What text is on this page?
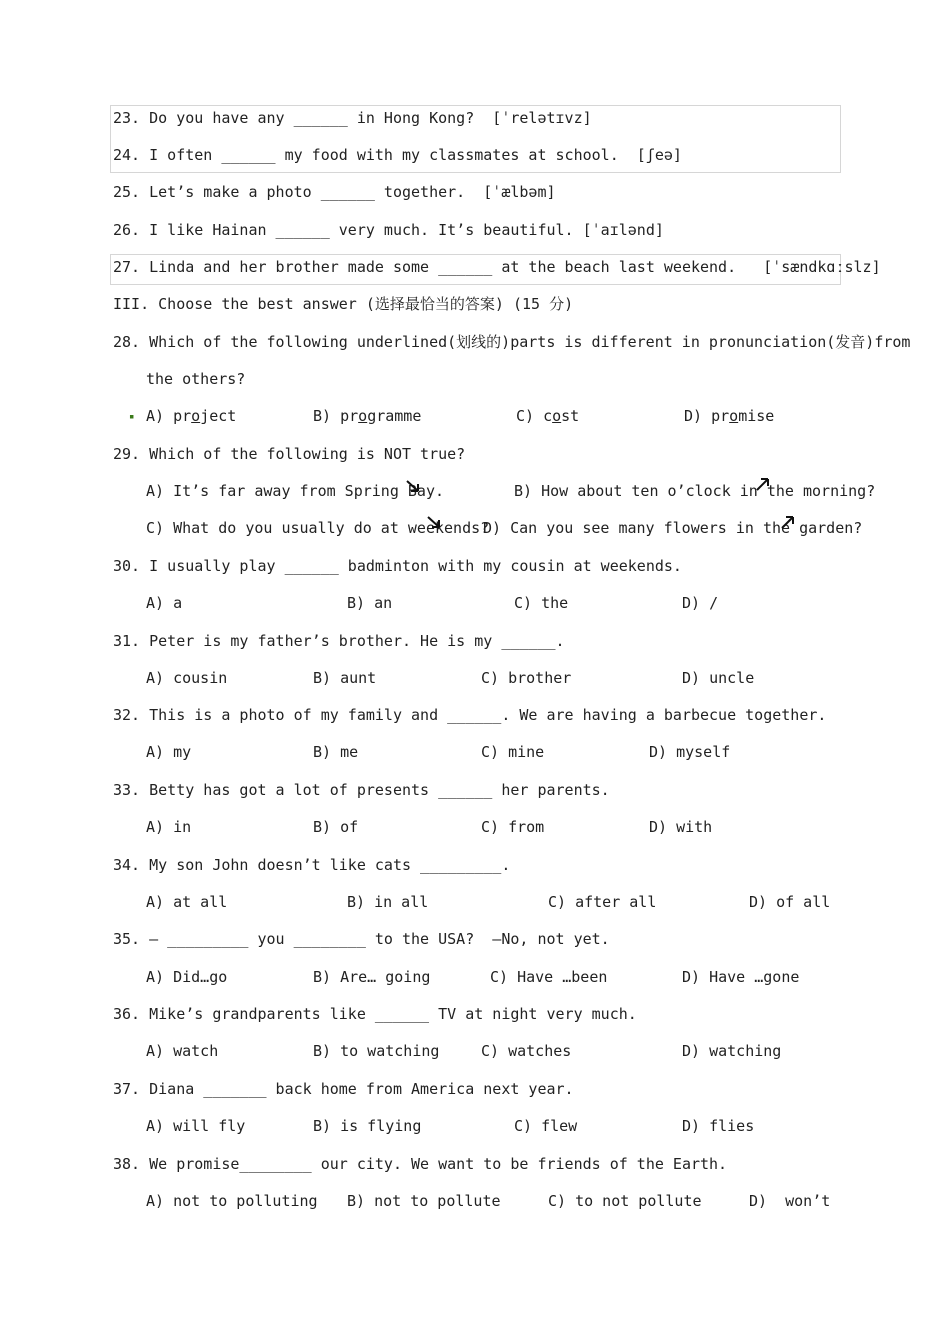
23. Do you have any ______ in Hong Kong?  [ˈrelətɪvz]
24. I often ______ my food with my classmates at school.  [ʃeə]
25. Let’s make a photo ______ together.  [ˈælbəm]
26. I like Hainan ______ very much. It’s beautiful. [ˈaɪlənd]
27. Linda and her brother made some ______ at the beach last weekend.   [ˈsændkɑːslz]
III. Choose the best answer (选择最恰当的答案) (15 分)
28. Which of the following underlined(划线的)parts is different in pronunciation(发音)from
the others?
▪ A) project	B) programme	C) cost	D) promise
29. Which of the following is NOT true?
A) It’s far away from Spring Bay.	B) How about ten o’clock in the morning?
C) What do you usually do at weekends?
D) Can you see many flowers in the garden?
30. I usually play ______ badminton with my cousin at weekends.
A) a	B) an	C) the	D) /
31. Peter is my father’s brother. He is my ______.
A) cousin	B) aunt	C) brother	D) uncle
32. This is a photo of my family and ______. We are having a barbecue together.
A) my	B) me	C) mine	D) myself
33. Betty has got a lot of presents ______ her parents.
A) in	B) of	C) from	D) with
34. My son John doesn’t like cats _________.
A) at all	B) in all	C) after all	D) of all
35. — _________ you ________ to the USA?  —No, not yet.
A) Did…go	B) Are… going	C) Have …been	D) Have …gone
36. Mike’s grandparents like ______ TV at night very much.
A) watch	B) to watching	C) watches	D) watching
37. Diana _______ back home from America next year.
A) will fly	B) is flying	C) flew	D) flies
38. We promise________ our city. We want to be friends of the Earth.
A) not to polluting B) not to pollute	C) to not pollute	D)  won’t
